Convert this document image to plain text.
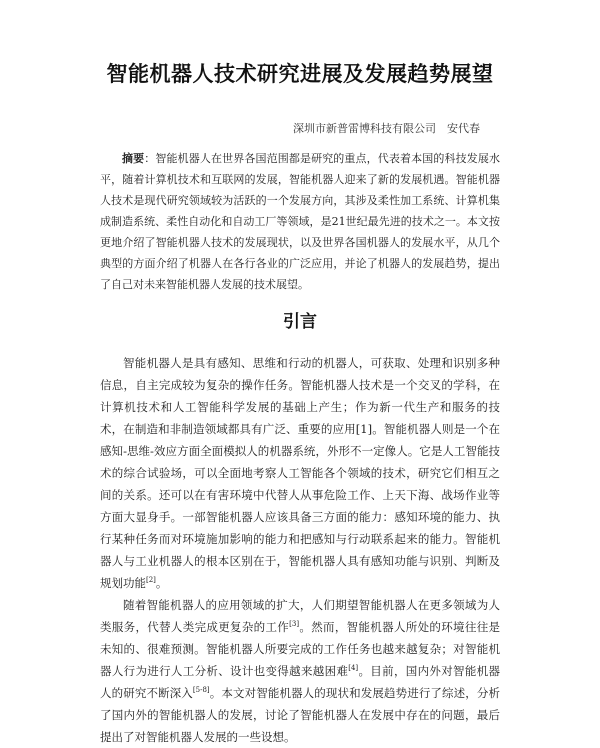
智能机器人技术研究进展及发展趋势展望
深圳市新普雷博科技有限公司　安代春

摘要：智能机器人在世界各国范围都是研究的重点，代表着本国的科技发展水平，随着计算机技术和互联网的发展，智能机器人迎来了新的发展机遇。智能机器人技术是现代研究领域较为活跃的一个发展方向，其涉及柔性加工系统、计算机集成制造系统、柔性自动化和自动工厂等领域，是21世纪最先进的技术之一。本文按更地介绍了智能机器人技术的发展现状，以及世界各国机器人的发展水平，从几个典型的方面介绍了机器人在各行各业的广泛应用，并论了机器人的发展趋势，提出了自己对未来智能机器人发展的技术展望。

引言

智能机器人是具有感知、思维和行动的机器人，可获取、处理和识别多种信息，自主完成较为复杂的操作任务。智能机器人技术是一个交叉的学科，在计算机技术和人工智能科学发展的基础上产生；作为新一代生产和服务的技术，在制造和非制造领域都具有广泛、重要的应用[1]。智能机器人则是一个在感知-思维-效应方面全面模拟人的机器系统，外形不一定像人。它是人工智能技术的综合试验场，可以全面地考察人工智能各个领域的技术，研究它们相互之间的关系。还可以在有害环境中代替人从事危险工作、上天下海、战场作业等方面大显身手。一部智能机器人应该具备三方面的能力：感知环境的能力、执行某种任务而对环境施加影响的能力和把感知与行动联系起来的能力。智能机器人与工业机器人的根本区别在于，智能机器人具有感知功能与识别、判断及规划功能[2]。

随着智能机器人的应用领域的扩大，人们期望智能机器人在更多领域为人类服务，代替人类完成更复杂的工作[3]。然而，智能机器人所处的环境往往是未知的、很难预测。智能机器人所要完成的工作任务也越来越复杂；对智能机器人行为进行人工分析、设计也变得越来越困难[4]。目前，国内外对智能机器人的研究不断深入[5-8]。本文对智能机器人的现状和发展趋势进行了综述，分析了国内外的智能机器人的发展，讨论了智能机器人在发展中存在的问题，最后提出了对智能机器人发展的一些设想。
